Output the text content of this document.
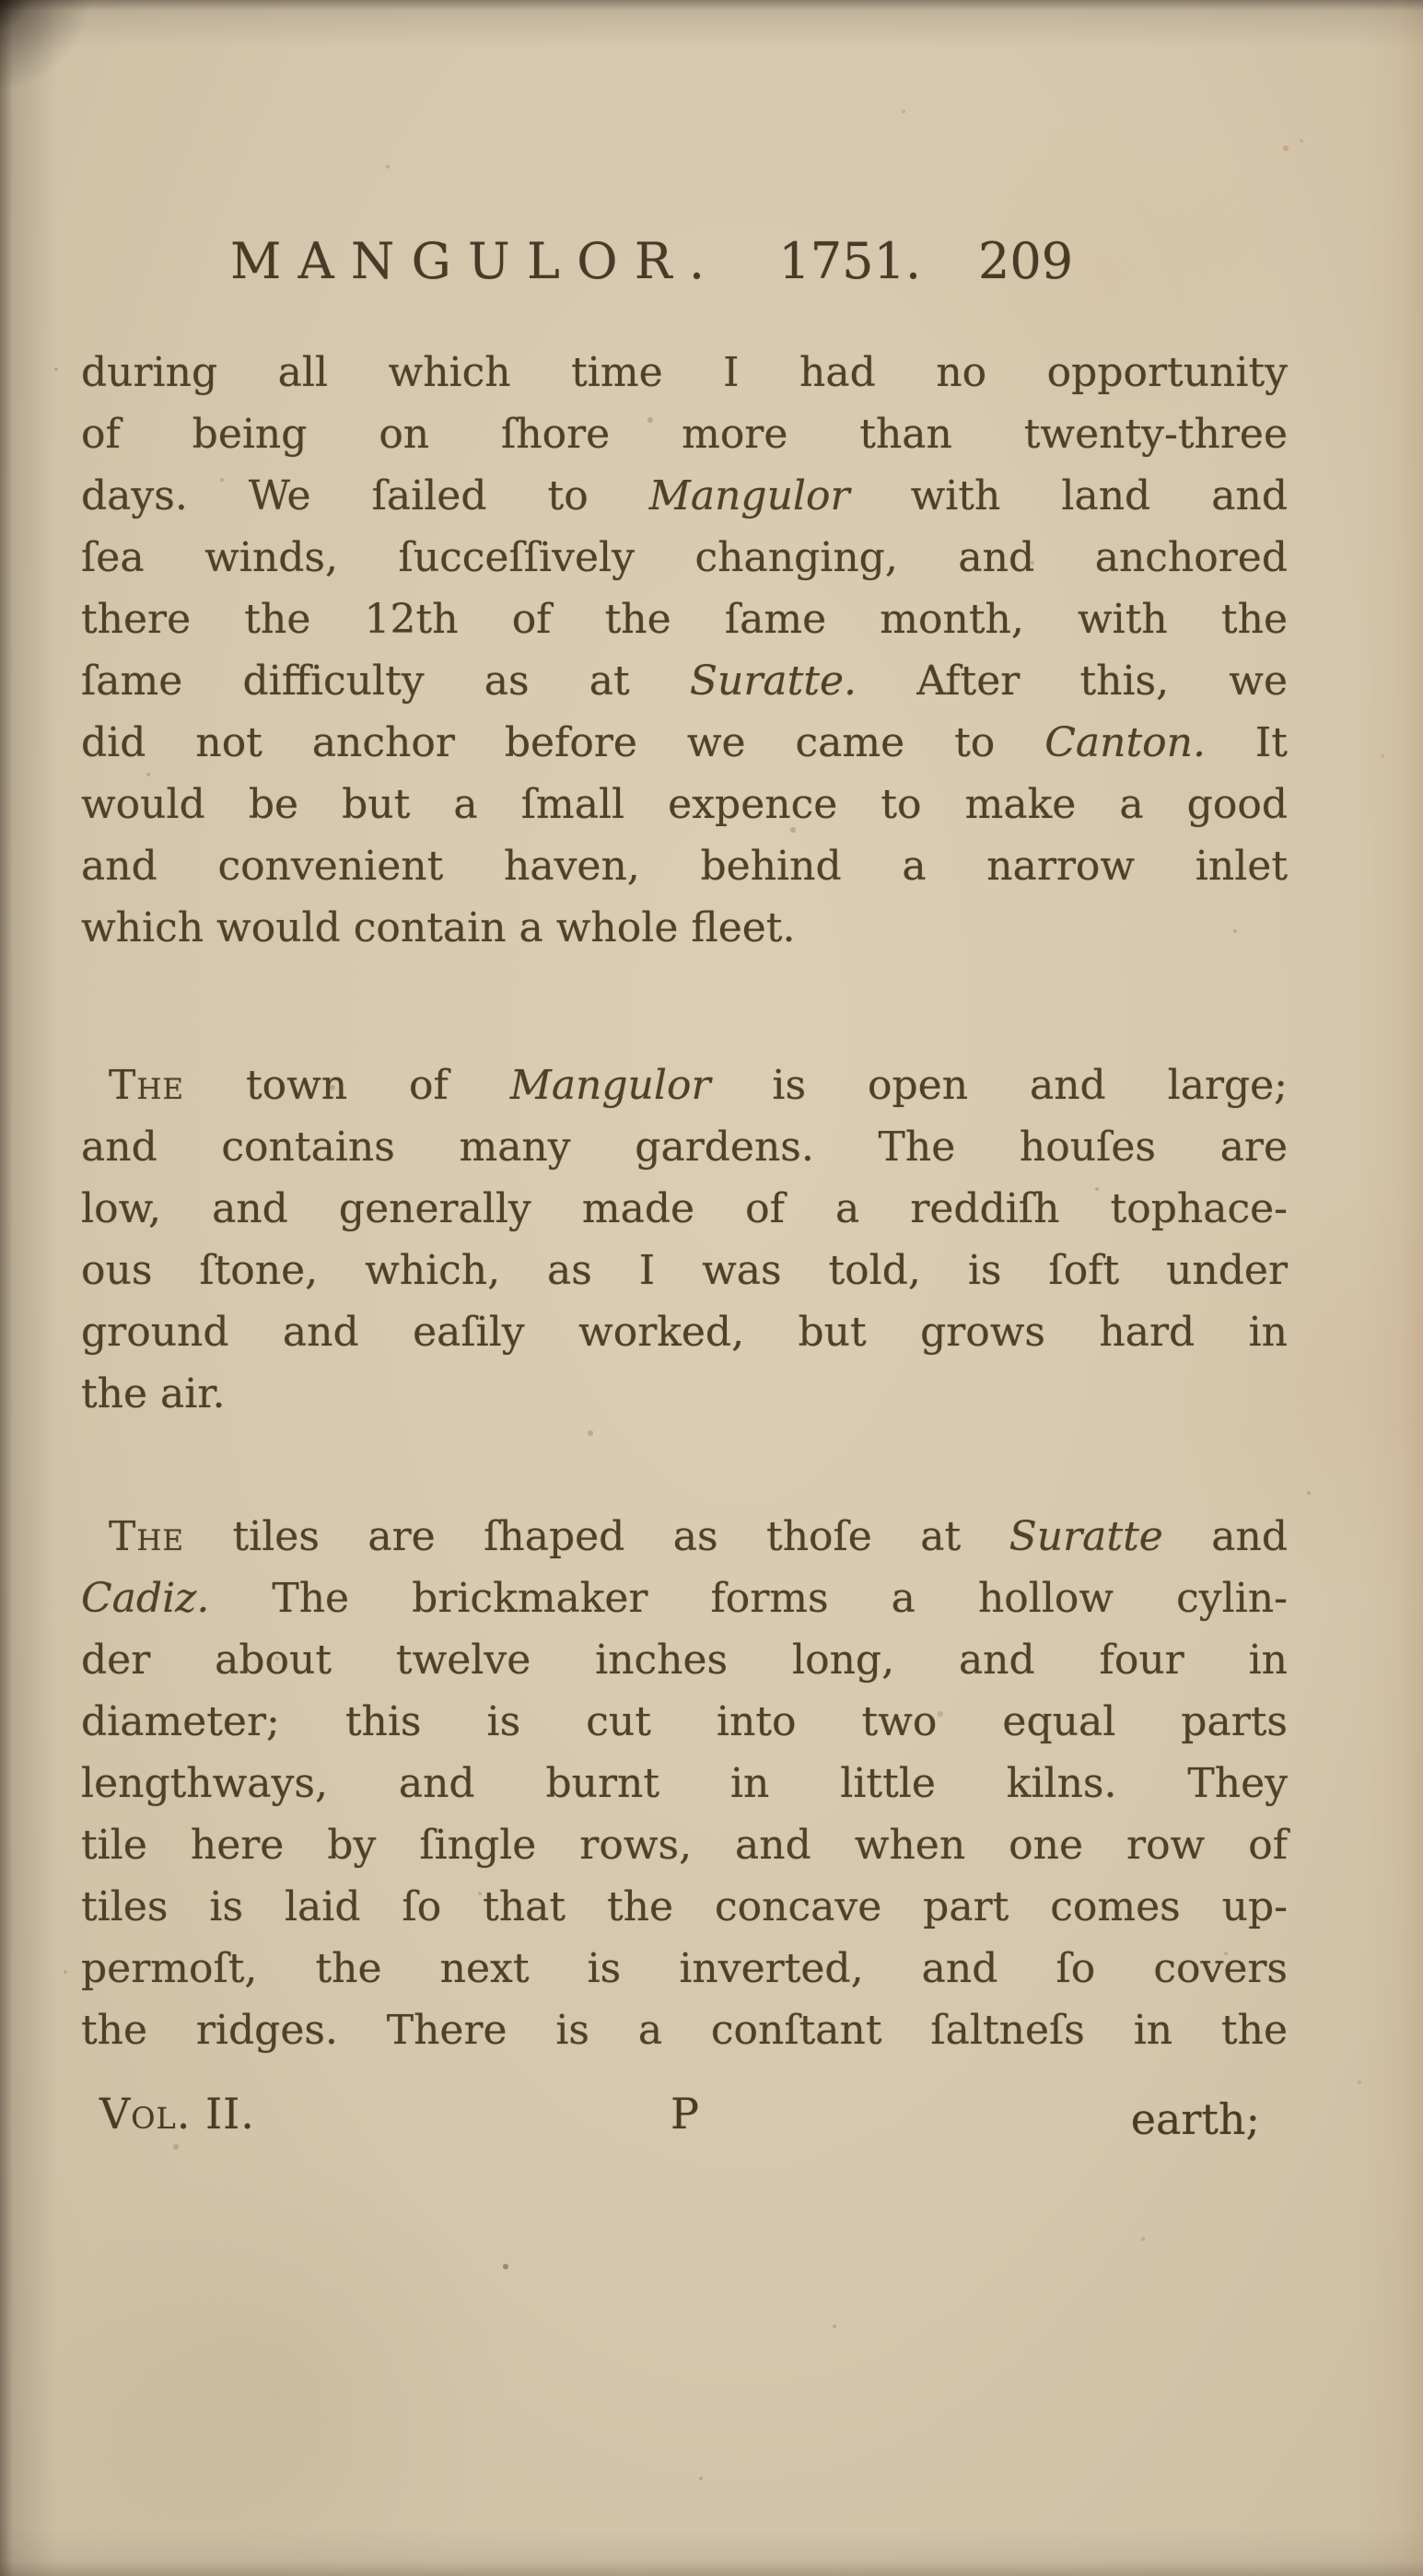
MANGULOR. 1751. 209
during all which time I had no opportunity
of being on ſhore more than twenty-three
days. We ſailed to Mangulor with land and
ſea winds, ſucceſſively changing, and anchored
there the 12th of the ſame month, with the
ſame difficulty as at Suratte. After this, we
did not anchor before we came to Canton. It
would be but a ſmall expence to make a good
and convenient haven, behind a narrow inlet
which would contain a whole fleet.
The town of Mangulor is open and large;
and contains many gardens. The houſes are
low, and generally made of a reddiſh tophace-
ous ſtone, which, as I was told, is ſoft under
ground and eaſily worked, but grows hard in
the air.
The tiles are ſhaped as thoſe at Suratte and
Cadiz. The brickmaker forms a hollow cylin-
der about twelve inches long, and four in
diameter; this is cut into two equal parts
lengthways, and burnt in little kilns. They
tile here by ſingle rows, and when one row of
tiles is laid ſo that the concave part comes up-
permoſt, the next is inverted, and ſo covers
the ridges. There is a conſtant ſaltneſs in the
Vol. II.	P	earth;
